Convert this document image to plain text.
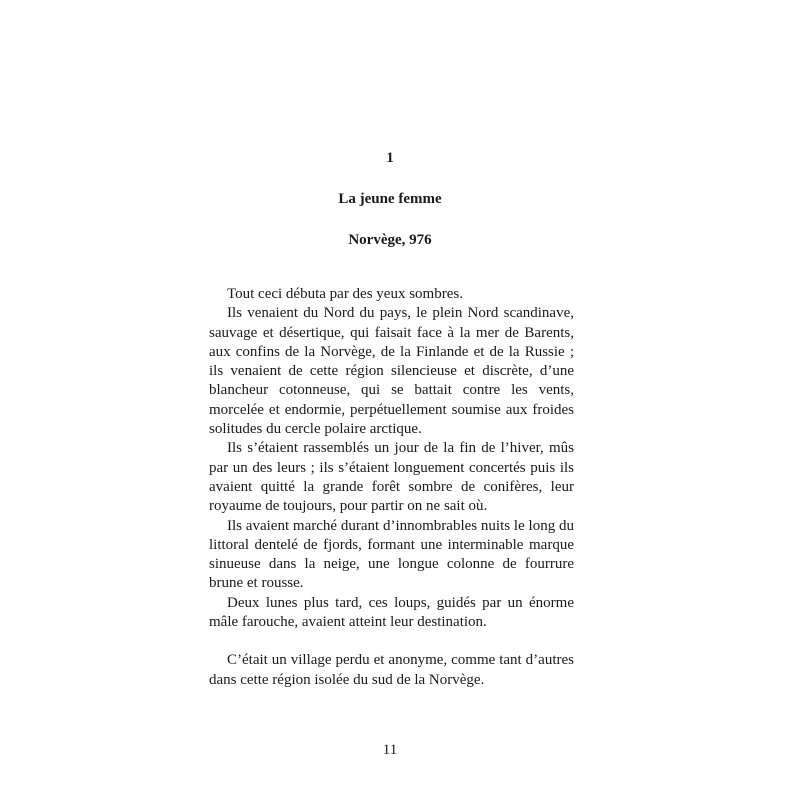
1
La jeune femme
Norvège, 976

Tout ceci débuta par des yeux sombres.

Ils venaient du Nord du pays, le plein Nord scandinave, sauvage et désertique, qui faisait face à la mer de Barents, aux confins de la Norvège, de la Finlande et de la Russie ; ils venaient de cette région silencieuse et discrète, d’une blancheur cotonneuse, qui se battait contre les vents, morcelée et endormie, perpétuellement soumise aux froides solitudes du cercle polaire arctique.

Ils s’étaient rassemblés un jour de la fin de l’hiver, mûs par un des leurs ; ils s’étaient longuement concertés puis ils avaient quitté la grande forêt sombre de conifères, leur royaume de toujours, pour partir on ne sait où.

Ils avaient marché durant d’innombrables nuits le long du littoral dentelé de fjords, formant une interminable marque sinueuse dans la neige, une longue colonne de fourrure brune et rousse.

Deux lunes plus tard, ces loups, guidés par un énorme mâle farouche, avaient atteint leur destination.

C’était un village perdu et anonyme, comme tant d’autres dans cette région isolée du sud de la Norvège.

11
